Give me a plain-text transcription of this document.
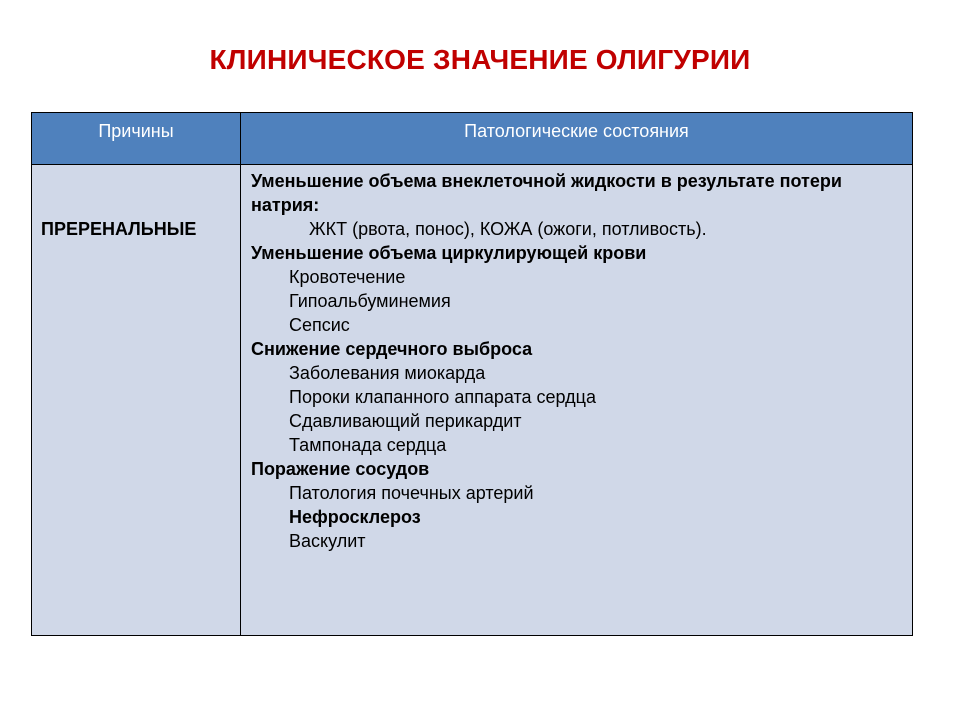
КЛИНИЧЕСКОЕ ЗНАЧЕНИЕ ОЛИГУРИИ
Причины	Патологические состояния
ПРЕРЕНАЛЬНЫЕ
Уменьшение объема внеклеточной жидкости в результате потери натрия:
ЖКТ (рвота, понос), КОЖА (ожоги, потливость).
Уменьшение объема циркулирующей крови
Кровотечение
Гипоальбуминемия
Сепсис
Снижение сердечного выброса
Заболевания миокарда
Пороки клапанного аппарата сердца
Сдавливающий перикардит
Тампонада сердца
Поражение сосудов
Патология почечных артерий
Нефросклероз
Васкулит
